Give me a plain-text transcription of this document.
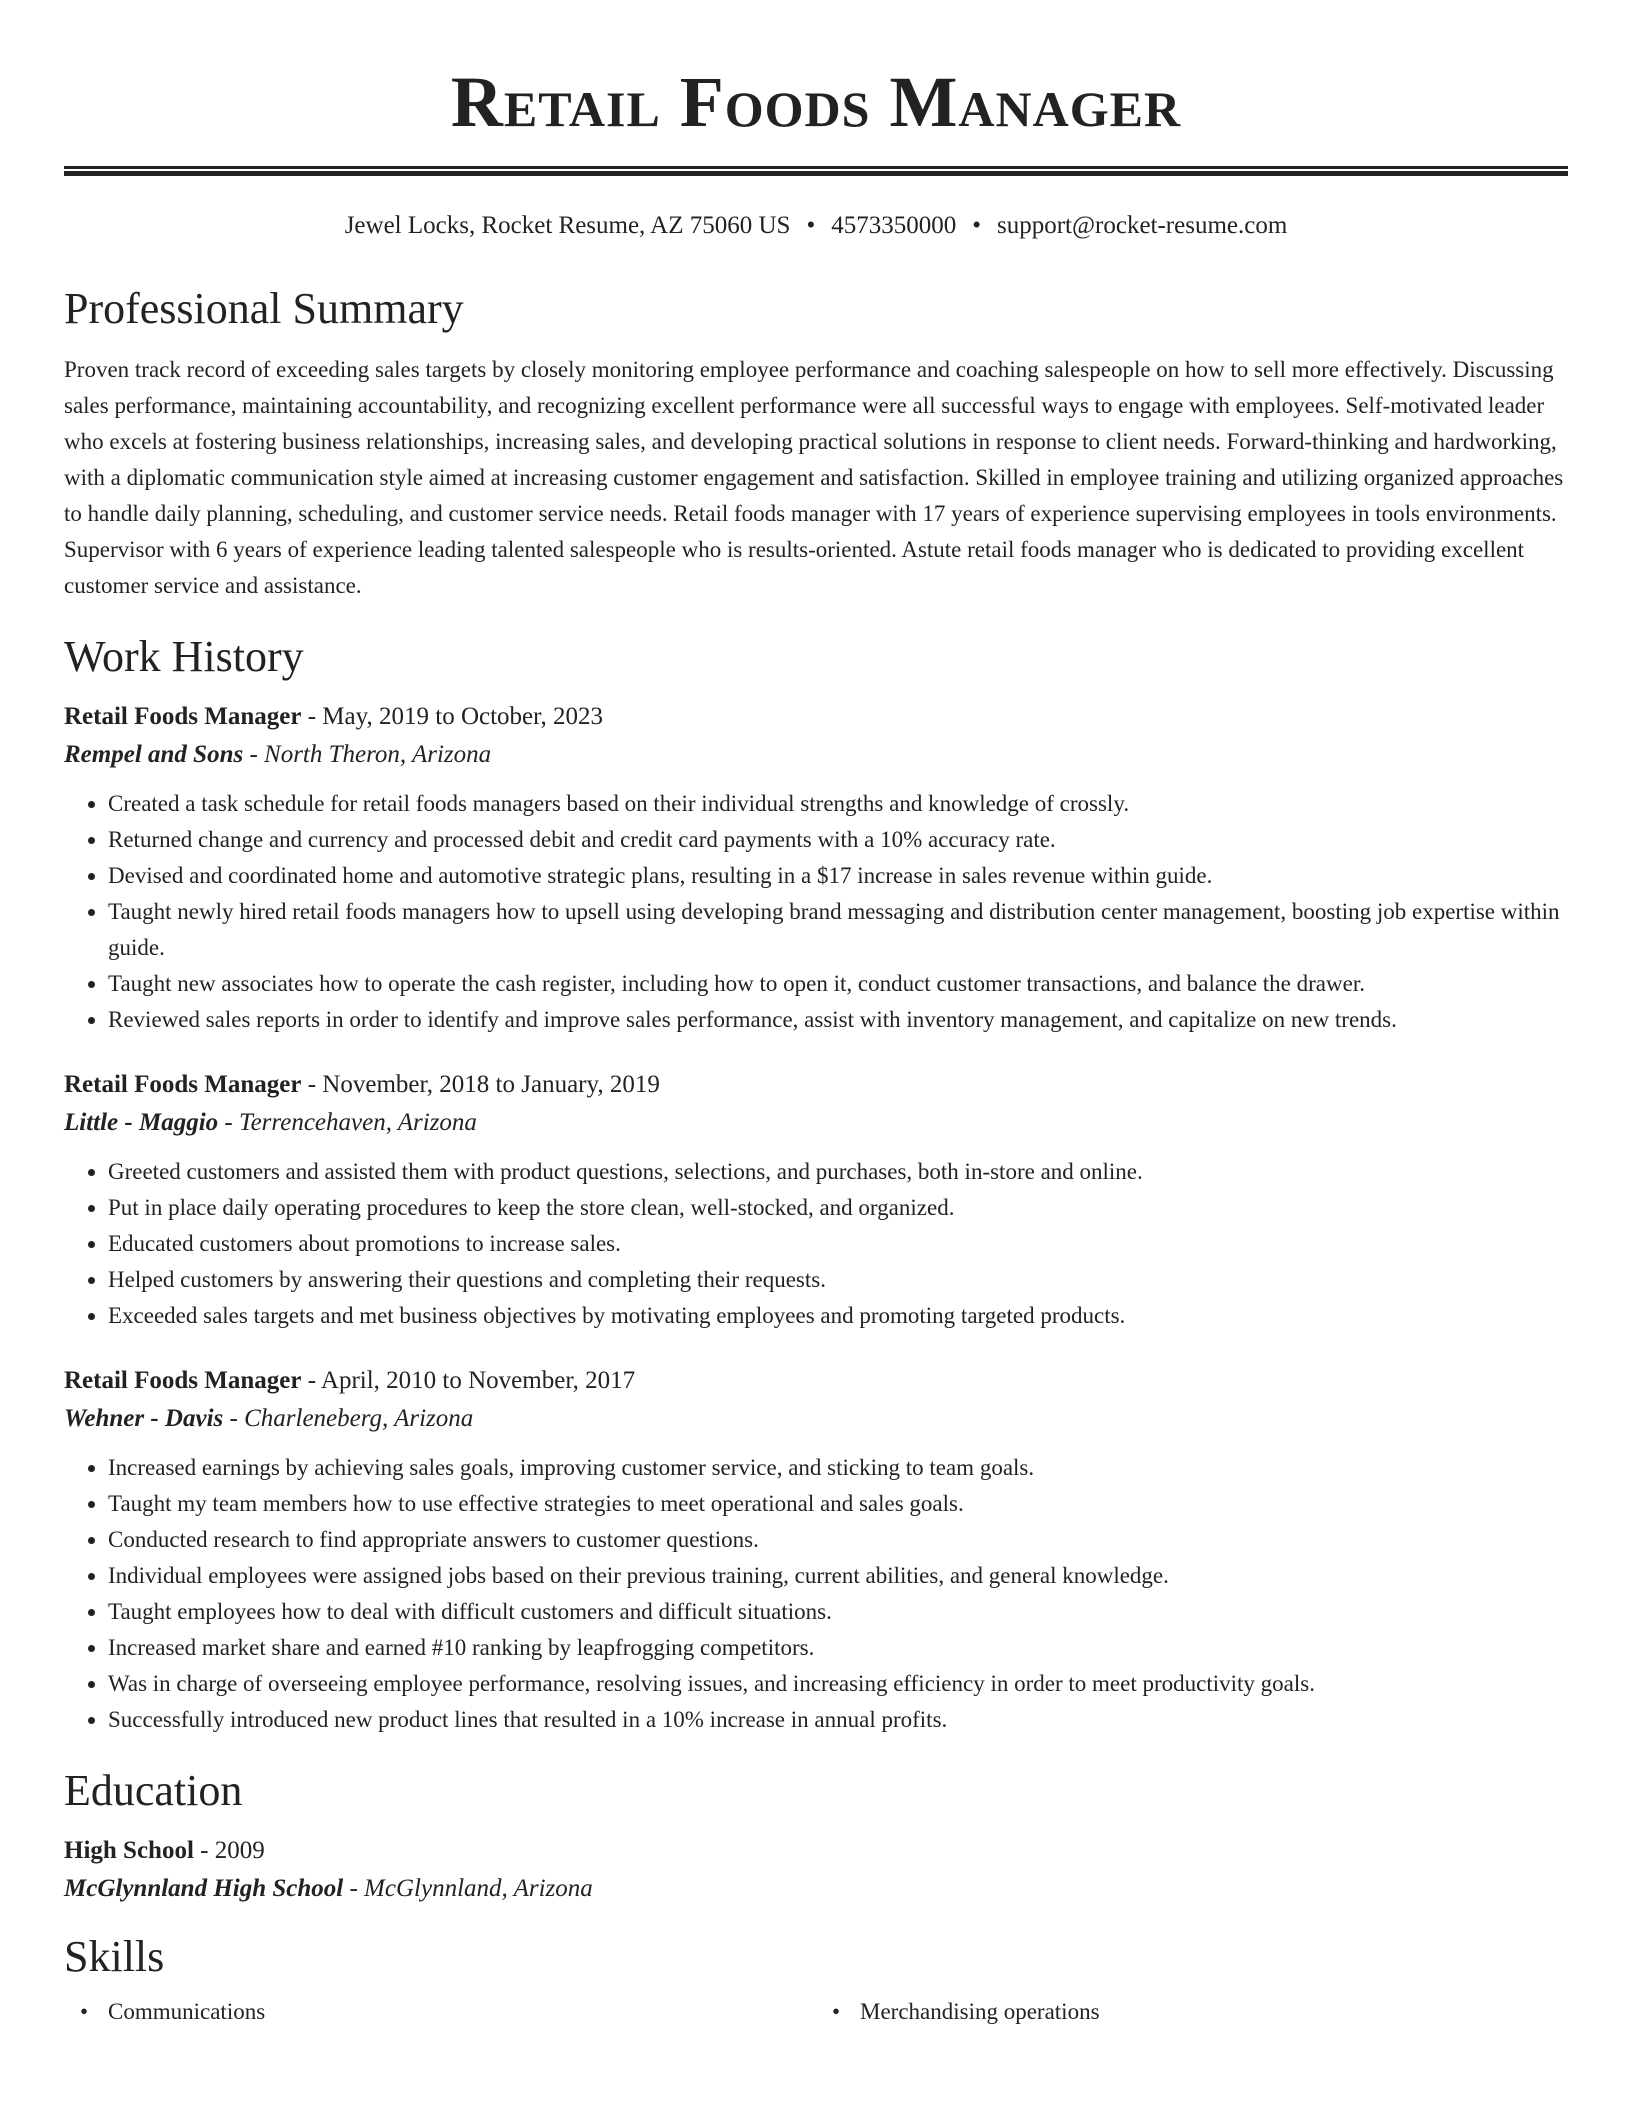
Retail Foods Manager
Jewel Locks, Rocket Resume, AZ 75060 US • 4573350000 • support@rocket-resume.com
Professional Summary

Proven track record of exceeding sales targets by closely monitoring employee performance and coaching salespeople on how to sell more effectively. Discussing sales performance, maintaining accountability, and recognizing excellent performance were all successful ways to engage with employees. Self-motivated leader who excels at fostering business relationships, increasing sales, and developing practical solutions in response to client needs. Forward-thinking and hardworking, with a diplomatic communication style aimed at increasing customer engagement and satisfaction. Skilled in employee training and utilizing organized approaches to handle daily planning, scheduling, and customer service needs. Retail foods manager with 17 years of experience supervising employees in tools environments. Supervisor with 6 years of experience leading talented salespeople who is results-oriented. Astute retail foods manager who is dedicated to providing excellent customer service and assistance.

Work History
Retail Foods Manager - May, 2019 to October, 2023
Rempel and Sons - North Theron, Arizona
• Created a task schedule for retail foods managers based on their individual strengths and knowledge of crossly.
• Returned change and currency and processed debit and credit card payments with a 10% accuracy rate.
• Devised and coordinated home and automotive strategic plans, resulting in a $17 increase in sales revenue within guide.
• Taught newly hired retail foods managers how to upsell using developing brand messaging and distribution center management, boosting job expertise within guide.
• Taught new associates how to operate the cash register, including how to open it, conduct customer transactions, and balance the drawer.
• Reviewed sales reports in order to identify and improve sales performance, assist with inventory management, and capitalize on new trends.
Retail Foods Manager - November, 2018 to January, 2019
Little - Maggio - Terrencehaven, Arizona
• Greeted customers and assisted them with product questions, selections, and purchases, both in-store and online.
• Put in place daily operating procedures to keep the store clean, well-stocked, and organized.
• Educated customers about promotions to increase sales.
• Helped customers by answering their questions and completing their requests.
• Exceeded sales targets and met business objectives by motivating employees and promoting targeted products.
Retail Foods Manager - April, 2010 to November, 2017
Wehner - Davis - Charleneberg, Arizona
• Increased earnings by achieving sales goals, improving customer service, and sticking to team goals.
• Taught my team members how to use effective strategies to meet operational and sales goals.
• Conducted research to find appropriate answers to customer questions.
• Individual employees were assigned jobs based on their previous training, current abilities, and general knowledge.
• Taught employees how to deal with difficult customers and difficult situations.
• Increased market share and earned #10 ranking by leapfrogging competitors.
• Was in charge of overseeing employee performance, resolving issues, and increasing efficiency in order to meet productivity goals.
• Successfully introduced new product lines that resulted in a 10% increase in annual profits.
Education
High School - 2009
McGlynnland High School - McGlynnland, Arizona
Skills
• Communications
•	Merchandising operations
